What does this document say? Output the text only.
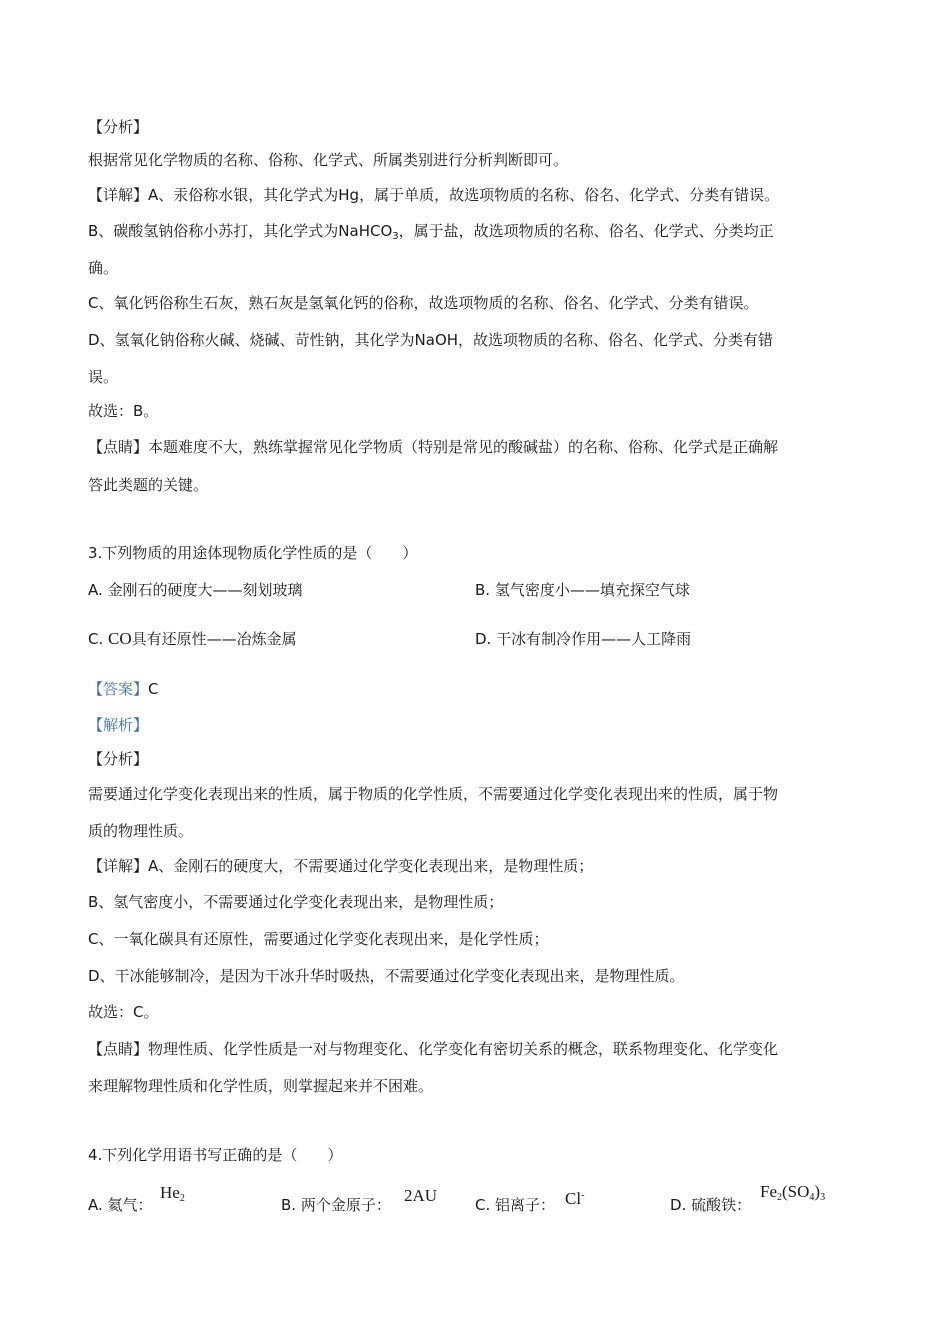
【分析】
根据常见化学物质的名称、俗称、化学式、所属类别进行分析判断即可。
【详解】A、汞俗称水银，其化学式为Hg，属于单质，故选项物质的名称、俗名、化学式、分类有错误。
B、碳酸氢钠俗称小苏打，其化学式为NaHCO$_3$，属于盐，故选项物质的名称、俗名、化学式、分类均正
确。
C、氧化钙俗称生石灰，熟石灰是氢氧化钙的俗称，故选项物质的名称、俗名、化学式、分类有错误。
D、氢氧化钠俗称火碱、烧碱、苛性钠，其化学为NaOH，故选项物质的名称、俗名、化学式、分类有错
误。
故选：B。
【点睛】本题难度不大，熟练掌握常见化学物质（特别是常见的酸碱盐）的名称、俗称、化学式是正确解
答此类题的关键。
3.下列物质的用途体现物质化学性质的是（　　）
A. 金刚石的硬度大——刻划玻璃	B. 氢气密度小——填充探空气球
C. CO具有还原性——冶炼金属	D. 干冰有制冷作用——人工降雨
【答案】C
【解析】
【分析】
需要通过化学变化表现出来的性质，属于物质的化学性质，不需要通过化学变化表现出来的性质，属于物
质的物理性质。
【详解】A、金刚石的硬度大，不需要通过化学变化表现出来，是物理性质；
B、氢气密度小，不需要通过化学变化表现出来，是物理性质；
C、一氧化碳具有还原性，需要通过化学变化表现出来，是化学性质；
D、干冰能够制冷，是因为干冰升华时吸热，不需要通过化学变化表现出来，是物理性质。
故选：C。
【点睛】物理性质、化学性质是一对与物理变化、化学变化有密切关系的概念，联系物理变化、化学变化
来理解物理性质和化学性质，则掌握起来并不困难。
4.下列化学用语书写正确的是（　　）
A. 氦气：
$He_2$	B. 两个金原子： 2AU	C. 铝离子： Cl-
D. 硫酸铁：
$Fe_2(SO_4)_3$
